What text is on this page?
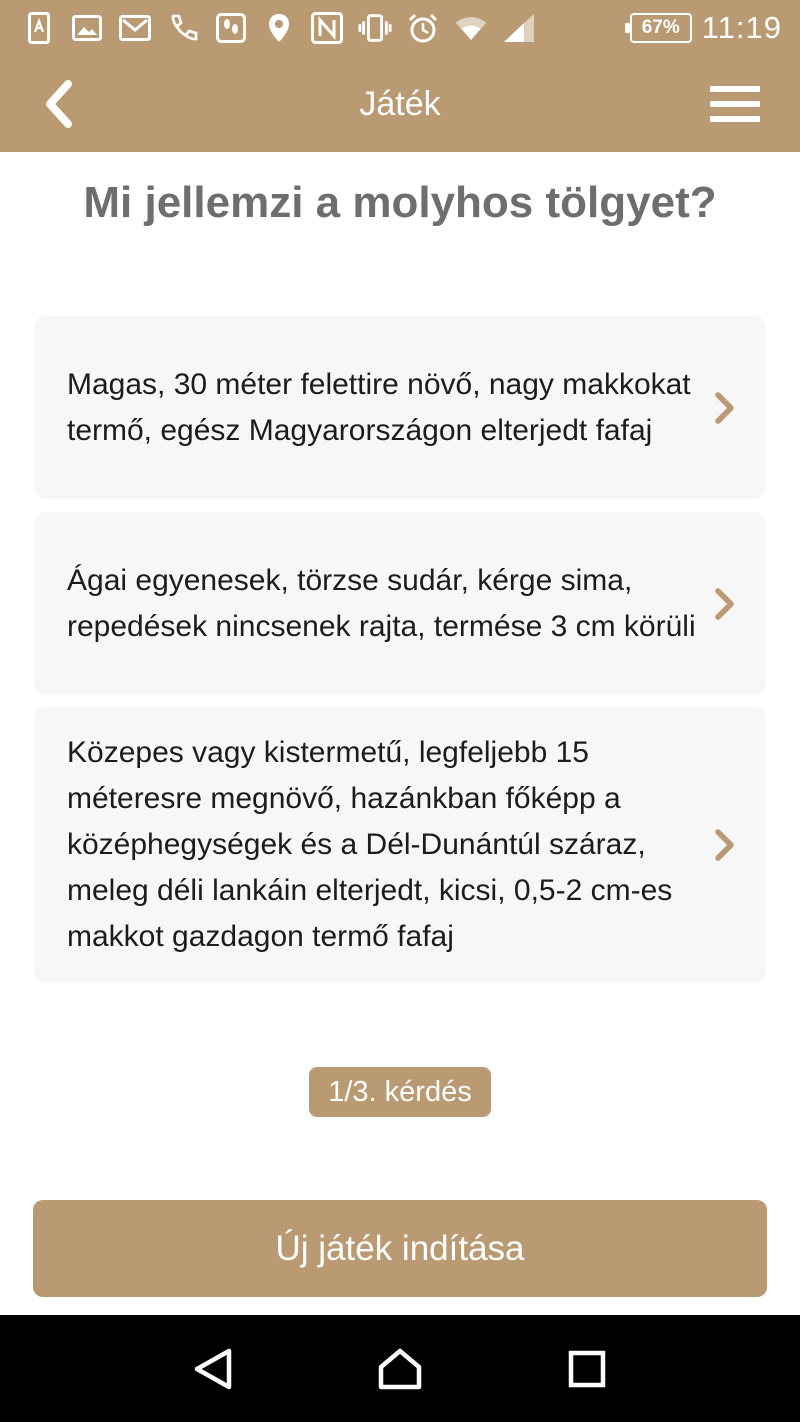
67% 11:19
Játék
Mi jellemzi a molyhos tölgyet?
Magas, 30 méter felettire növő, nagy makkokat termő, egész Magyarországon elterjedt fafaj
Ágai egyenesek, törzse sudár, kérge sima, repedések nincsenek rajta, termése 3 cm körüli
Közepes vagy kistermetű, legfeljebb 15 méteresre megnövő, hazánkban főképp a középhegységek és a Dél-Dunántúl száraz, meleg déli lankáin elterjedt, kicsi, 0,5-2 cm-es makkot gazdagon termő fafaj
1/3. kérdés
Új játék indítása
